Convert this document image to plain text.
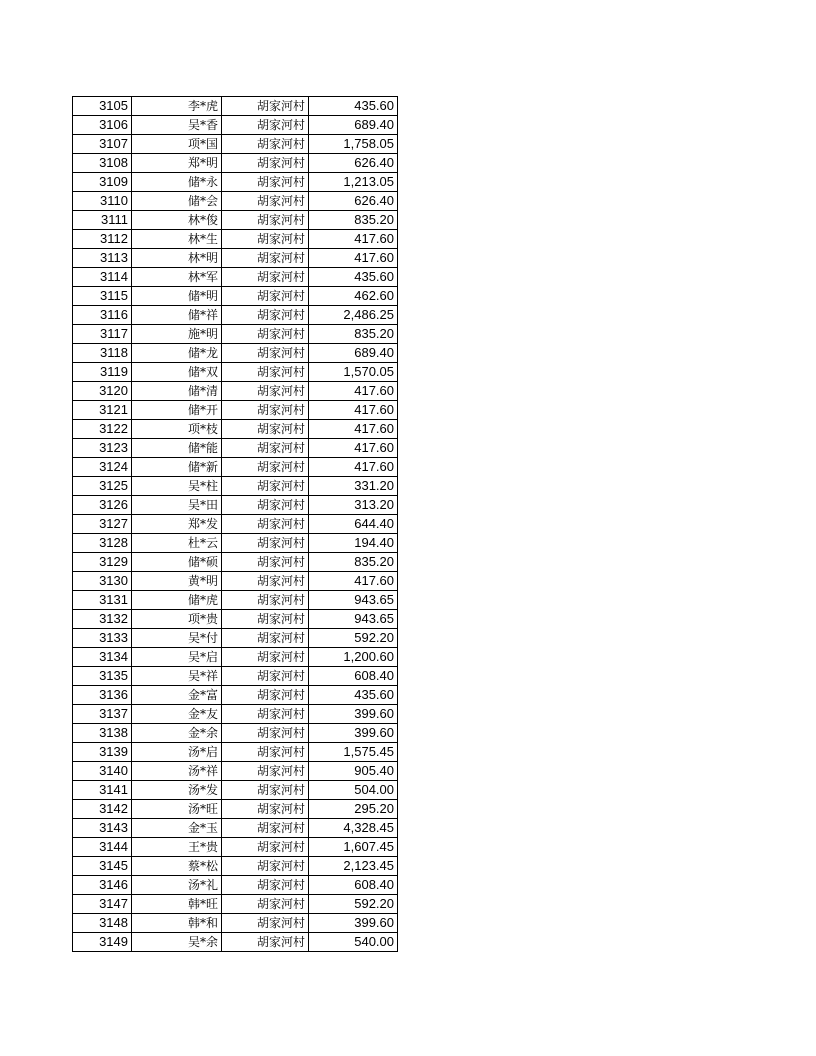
3105	李*虎	胡家河村	435.60
3106	吴*香	胡家河村	689.40
3107	项*国	胡家河村	1,758.05
3108	郑*明	胡家河村	626.40
3109	储*永	胡家河村	1,213.05
3110	储*会	胡家河村	626.40
3111	林*俊	胡家河村	835.20
3112	林*生	胡家河村	417.60
3113	林*明	胡家河村	417.60
3114	林*军	胡家河村	435.60
3115	储*明	胡家河村	462.60
3116	储*祥	胡家河村	2,486.25
3117	施*明	胡家河村	835.20
3118	储*龙	胡家河村	689.40
3119	储*双	胡家河村	1,570.05
3120	储*清	胡家河村	417.60
3121	储*开	胡家河村	417.60
3122	项*枝	胡家河村	417.60
3123	储*能	胡家河村	417.60
3124	储*新	胡家河村	417.60
3125	吴*柱	胡家河村	331.20
3126	吴*田	胡家河村	313.20
3127	郑*发	胡家河村	644.40
3128	杜*云	胡家河村	194.40
3129	储*硕	胡家河村	835.20
3130	黄*明	胡家河村	417.60
3131	储*虎	胡家河村	943.65
3132	项*贵	胡家河村	943.65
3133	吴*付	胡家河村	592.20
3134	吴*启	胡家河村	1,200.60
3135	吴*祥	胡家河村	608.40
3136	金*富	胡家河村	435.60
3137	金*友	胡家河村	399.60
3138	金*余	胡家河村	399.60
3139	汤*启	胡家河村	1,575.45
3140	汤*祥	胡家河村	905.40
3141	汤*发	胡家河村	504.00
3142	汤*旺	胡家河村	295.20
3143	金*玉	胡家河村	4,328.45
3144	王*贵	胡家河村	1,607.45
3145	蔡*松	胡家河村	2,123.45
3146	汤*礼	胡家河村	608.40
3147	韩*旺	胡家河村	592.20
3148	韩*和	胡家河村	399.60
3149	吴*余	胡家河村	540.00
